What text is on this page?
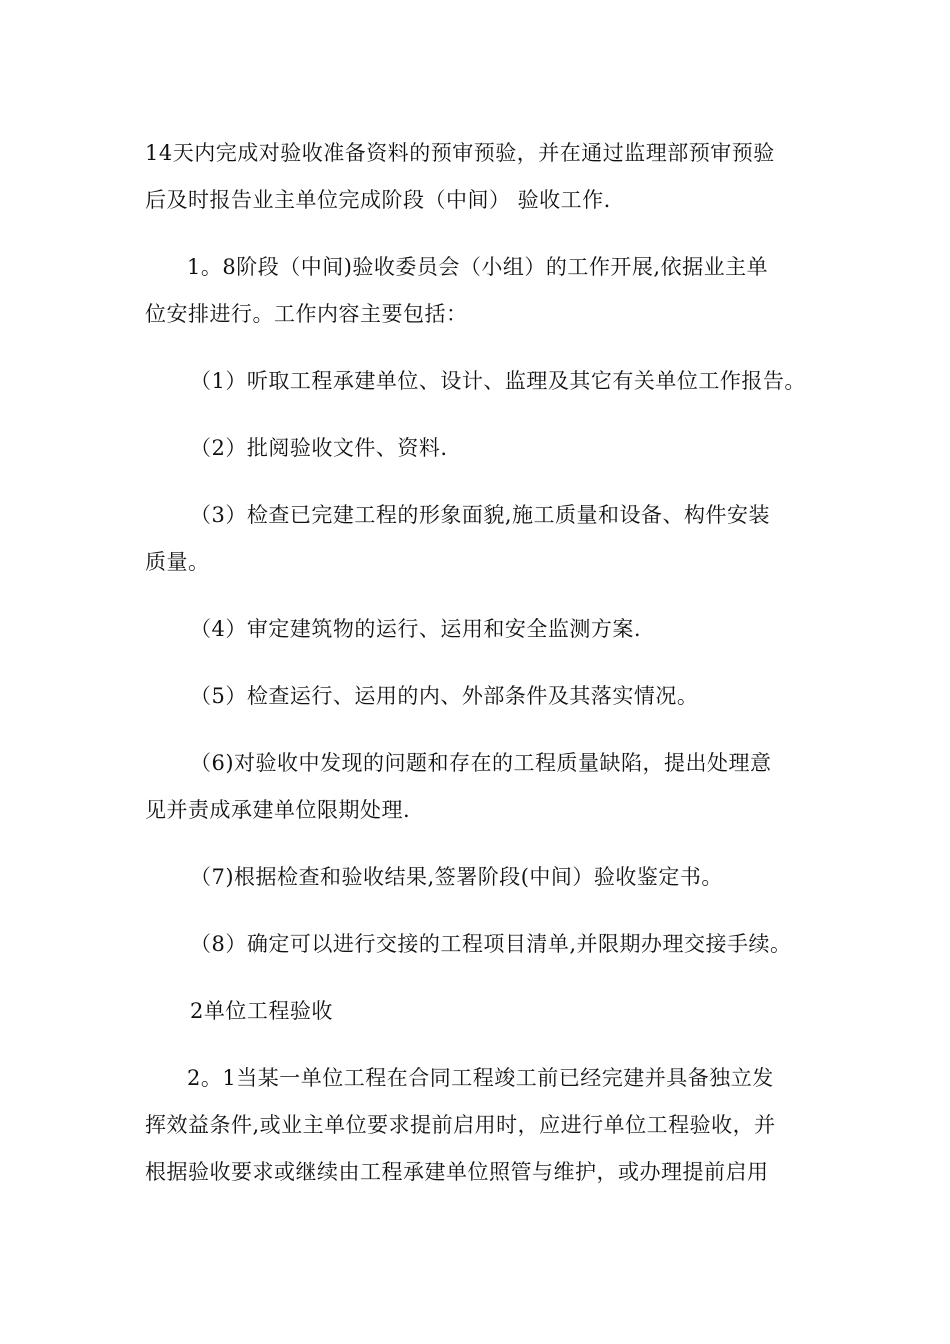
14天内完成对验收准备资料的预审预验，并在通过监理部预审预验
后及时报告业主单位完成阶段（中间） 验收工作.
1。8阶段（中间)验收委员会（小组）的工作开展,依据业主单
位安排进行。工作内容主要包括：
（1）听取工程承建单位、设计、监理及其它有关单位工作报告。
（2）批阅验收文件、资料.
（3）检查已完建工程的形象面貌,施工质量和设备、构件安装
质量。
（4）审定建筑物的运行、运用和安全监测方案.
（5）检查运行、运用的内、外部条件及其落实情况。
（6)对验收中发现的问题和存在的工程质量缺陷，提出处理意
见并责成承建单位限期处理.
（7)根据检查和验收结果,签署阶段(中间）验收鉴定书。
（8）确定可以进行交接的工程项目清单,并限期办理交接手续。
2单位工程验收
2。1当某一单位工程在合同工程竣工前已经完建并具备独立发
挥效益条件,或业主单位要求提前启用时，应进行单位工程验收，并
根据验收要求或继续由工程承建单位照管与维护，或办理提前启用
